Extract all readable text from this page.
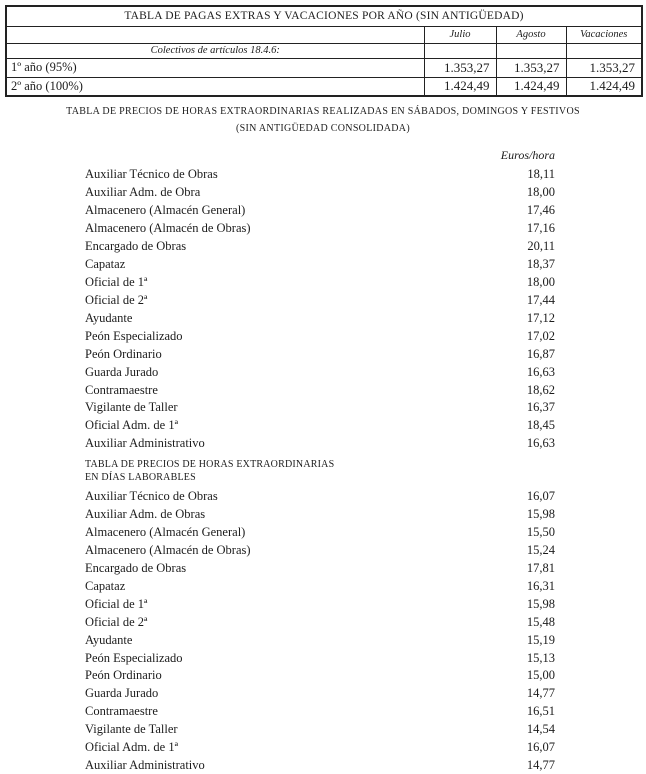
TABLA DE PAGAS EXTRAS Y VACACIONES POR AÑO (SIN ANTIGÜEDAD)			
	Julio	Agosto	Vacaciones
Colectivos de artículos 18.4.6:			
1º año (95%)	1.353,27	1.353,27	1.353,27
2º año (100%)	1.424,49	1.424,49	1.424,49
TABLA DE PRECIOS DE HORAS EXTRAORDINARIAS REALIZADAS EN SÁBADOS, DOMINGOS Y FESTIVOS
(SIN ANTIGÜEDAD CONSOLIDADA)
Euros/hora
Auxiliar Técnico de Obras	18,11
Auxiliar Adm. de Obra	18,00
Almacenero (Almacén General)	17,46
Almacenero (Almacén de Obras)	17,16
Encargado de Obras	20,11
Capataz	18,37
Oficial de 1ª	18,00
Oficial de 2ª	17,44
Ayudante	17,12
Peón Especializado	17,02
Peón Ordinario	16,87
Guarda Jurado	16,63
Contramaestre	18,62
Vigilante de Taller	16,37
Oficial Adm. de 1ª	18,45
Auxiliar Administrativo	16,63
TABLA DE PRECIOS DE HORAS EXTRAORDINARIAS
EN DÍAS LABORABLES
Auxiliar Técnico de Obras	16,07
Auxiliar Adm. de Obras	15,98
Almacenero (Almacén General)	15,50
Almacenero (Almacén de Obras)	15,24
Encargado de Obras	17,81
Capataz	16,31
Oficial de 1ª	15,98
Oficial de 2ª	15,48
Ayudante	15,19
Peón Especializado	15,13
Peón Ordinario	15,00
Guarda Jurado	14,77
Contramaestre	16,51
Vigilante de Taller	14,54
Oficial Adm. de 1ª	16,07
Auxiliar Administrativo	14,77
